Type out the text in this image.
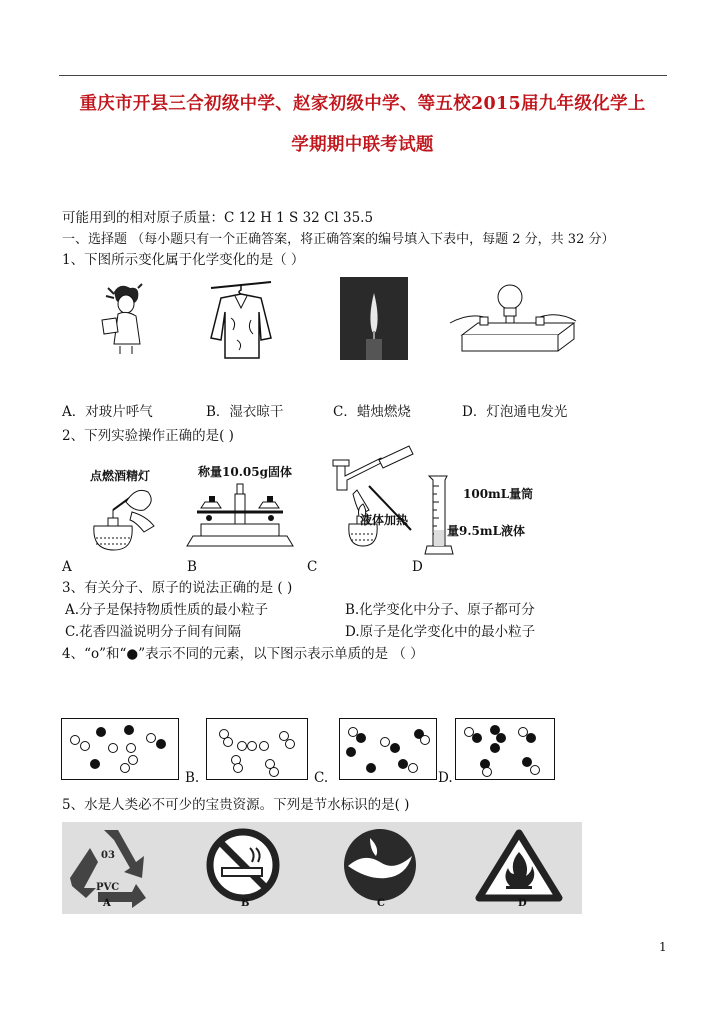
重庆市开县三合初级中学、赵家初级中学、等五校2015届九年级化学上
学期期中联考试题
可能用到的相对原子质量：C 12 H 1 S 32 Cl 35.5
一、选择题 （每小题只有一个正确答案，将正确答案的编号填入下表中，每题 2 分，共 32 分）
1、下图所示变化属于化学变化的是（ ）
A．对玻片呼气	B．湿衣晾干	C．蜡烛燃烧	D．灯泡通电发光
2、下列实验操作正确的是( )
点燃酒精灯	称量10.05g固体
液体加热
100mL量筒
量9.5mL液体
A	B	C	D
3、有关分子、原子的说法正确的是 ( )
A.分子是保持物质性质的最小粒子	B.化学变化中分子、原子都可分
C.花香四溢说明分子间有间隔	D.原子是化学变化中的最小粒子
4、“o”和“●”表示不同的元素，以下图示表示单质的是 （ ）
B.	C.	D.
5、水是人类必不可少的宝贵资源。下列是节水标识的是( )
03
PVC
A	B	C	D
1
